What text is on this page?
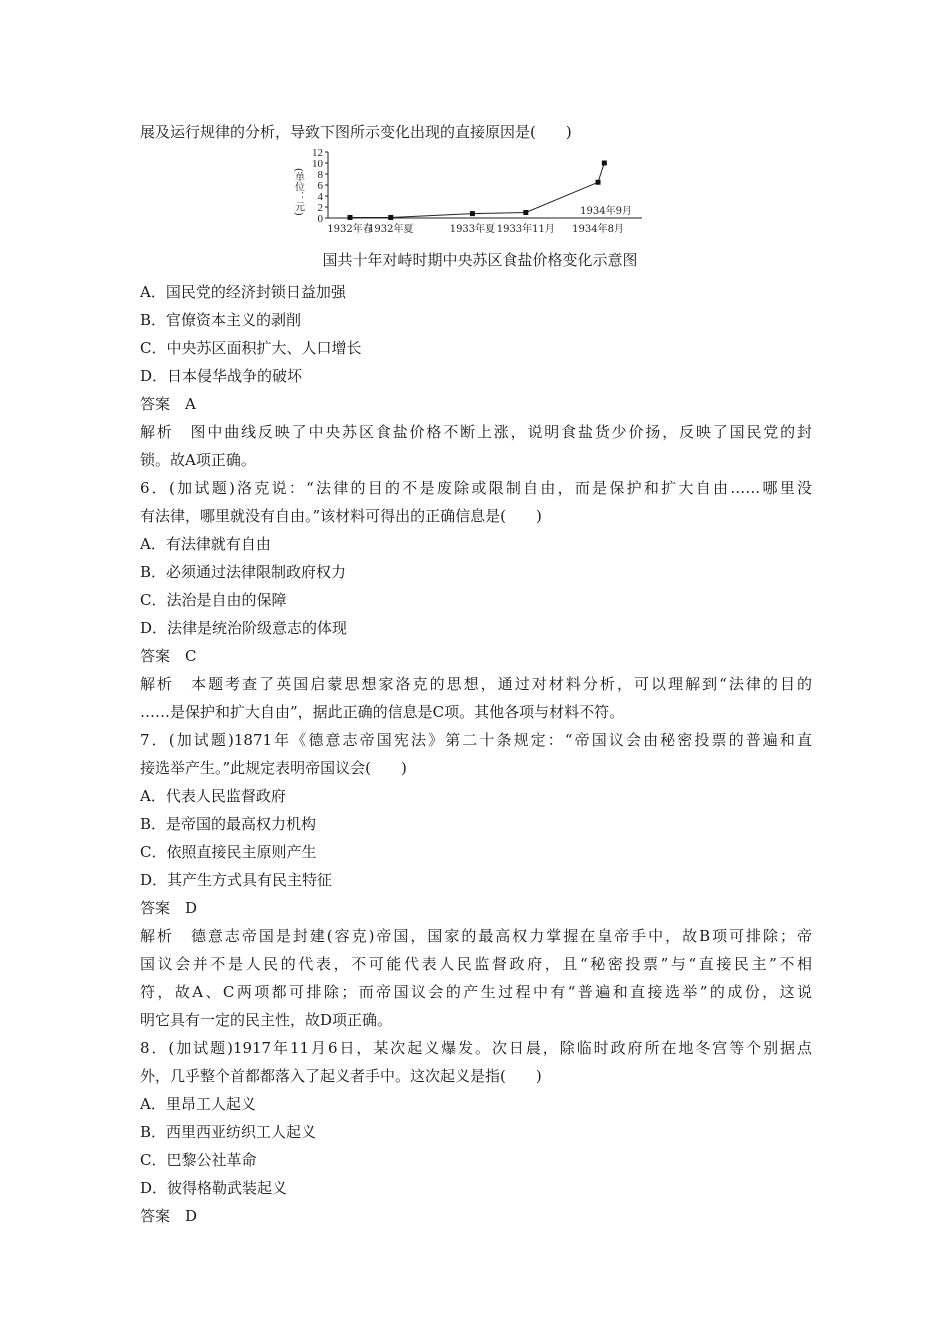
展及运行规律的分析，导致下图所示变化出现的直接原因是(　　)
0
2
4
6
8
10
12
(单位：元)
1932年春
1932年夏	1933年夏 1933年11月 1934年8月
1934年9月
国共十年对峙时期中央苏区食盐价格变化示意图
A．国民党的经济封锁日益加强
B．官僚资本主义的剥削
C．中央苏区面积扩大、人口增长
D．日本侵华战争的破坏
答案　A
解析　图中曲线反映了中央苏区食盐价格不断上涨，说明食盐货少价扬，反映了国民党的封
锁。故A项正确。
6．(加试题)洛克说：“法律的目的不是废除或限制自由，而是保护和扩大自由……哪里没
有法律，哪里就没有自由。”该材料可得出的正确信息是(　　)
A．有法律就有自由
B．必须通过法律限制政府权力
C．法治是自由的保障
D．法律是统治阶级意志的体现
答案　C
解析　本题考查了英国启蒙思想家洛克的思想，通过对材料分析，可以理解到“法律的目的
……是保护和扩大自由”，据此正确的信息是C项。其他各项与材料不符。
7．(加试题)1871年《德意志帝国宪法》第二十条规定：“帝国议会由秘密投票的普遍和直
接选举产生。”此规定表明帝国议会(　　)
A．代表人民监督政府
B．是帝国的最高权力机构
C．依照直接民主原则产生
D．其产生方式具有民主特征
答案　D
解析　德意志帝国是封建(容克)帝国，国家的最高权力掌握在皇帝手中，故B项可排除；帝
国议会并不是人民的代表，不可能代表人民监督政府，且“秘密投票”与“直接民主”不相
符，故A、C两项都可排除；而帝国议会的产生过程中有“普遍和直接选举”的成份，这说
明它具有一定的民主性，故D项正确。
8．(加试题)1917年11月6日，某次起义爆发。次日晨，除临时政府所在地冬宫等个别据点
外，几乎整个首都都落入了起义者手中。这次起义是指(　　)
A．里昂工人起义
B．西里西亚纺织工人起义
C．巴黎公社革命
D．彼得格勒武装起义
答案　D
